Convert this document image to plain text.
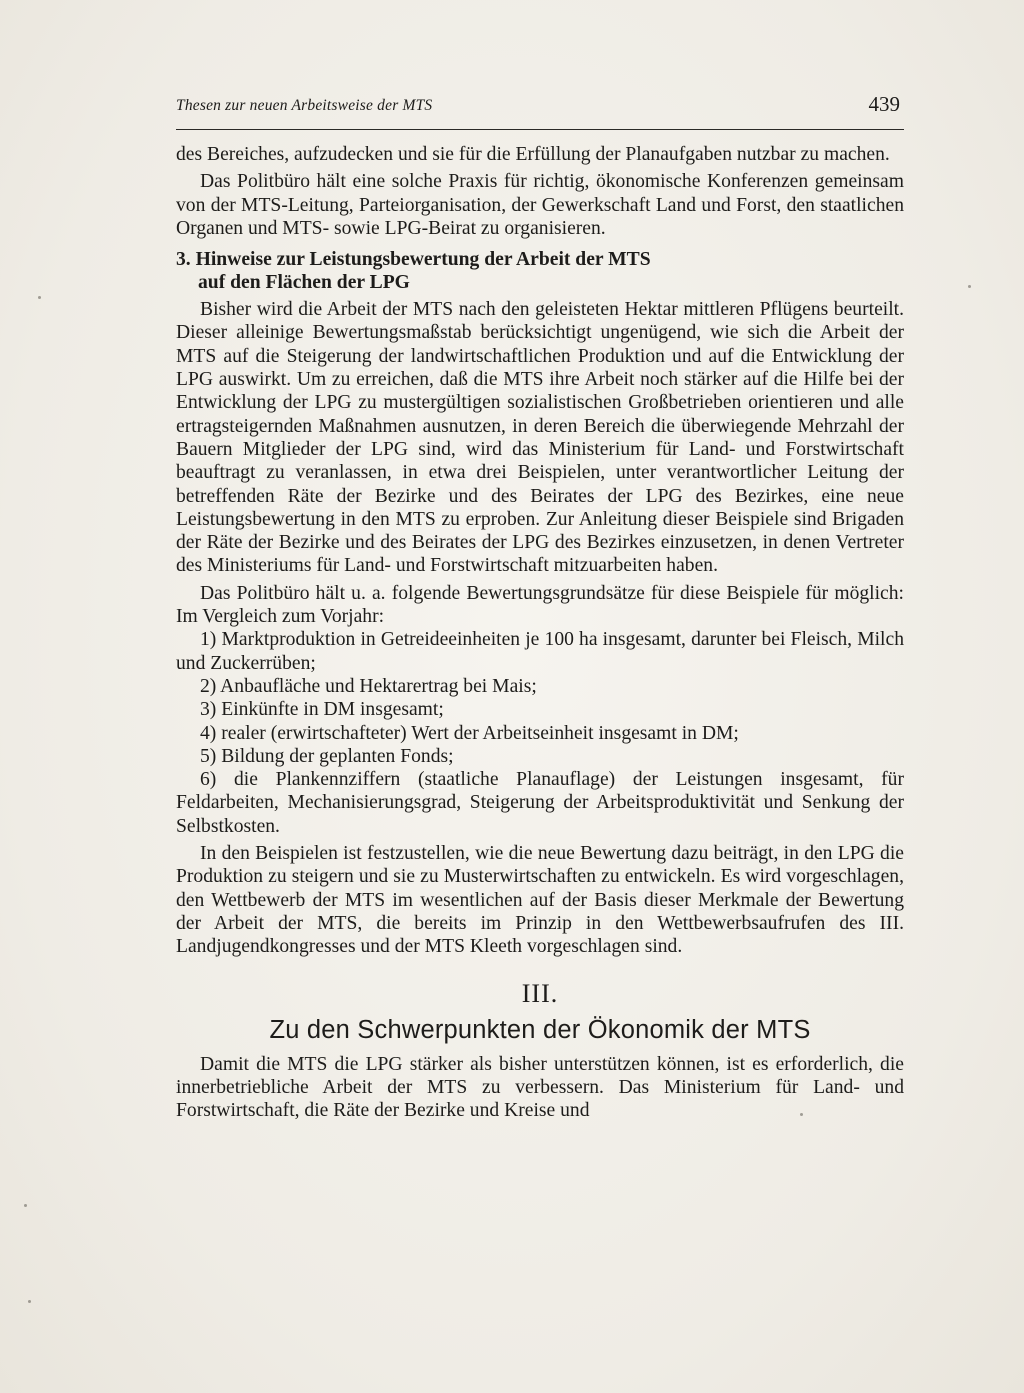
Thesen zur neuen Arbeitsweise der MTS	439

des Bereiches, aufzudecken und sie für die Erfüllung der Planaufgaben nutzbar zu machen.

Das Politbüro hält eine solche Praxis für richtig, ökonomische Konferenzen gemeinsam von der MTS-Leitung, Parteiorganisation, der Gewerkschaft Land und Forst, den staatlichen Organen und MTS- sowie LPG-Beirat zu organisieren.

3. Hinweise zur Leistungsbewertung der Arbeit der MTS
auf den Flächen der LPG

Bisher wird die Arbeit der MTS nach den geleisteten Hektar mittleren Pflügens beurteilt. Dieser alleinige Bewertungsmaßstab berücksichtigt ungenügend, wie sich die Arbeit der MTS auf die Steigerung der landwirtschaftlichen Produktion und auf die Entwicklung der LPG auswirkt. Um zu erreichen, daß die MTS ihre Arbeit noch stärker auf die Hilfe bei der Entwicklung der LPG zu mustergültigen sozialistischen Großbetrieben orientieren und alle ertragsteigernden Maßnahmen ausnutzen, in deren Bereich die überwiegende Mehrzahl der Bauern Mitglieder der LPG sind, wird das Ministerium für Land- und Forstwirtschaft beauftragt zu veranlassen, in etwa drei Beispielen, unter verantwortlicher Leitung der betreffenden Räte der Bezirke und des Beirates der LPG des Bezirkes, eine neue Leistungsbewertung in den MTS zu erproben. Zur Anleitung dieser Beispiele sind Brigaden der Räte der Bezirke und des Beirates der LPG des Bezirkes einzusetzen, in denen Vertreter des Ministeriums für Land- und Forstwirtschaft mitzuarbeiten haben.

Das Politbüro hält u. a. folgende Bewertungsgrundsätze für diese Beispiele für möglich: Im Vergleich zum Vorjahr:

1) Marktproduktion in Getreideeinheiten je 100 ha insgesamt, darunter bei Fleisch, Milch und Zuckerrüben;
2) Anbaufläche und Hektarertrag bei Mais;
3) Einkünfte in DM insgesamt;
4) realer (erwirtschafteter) Wert der Arbeitseinheit insgesamt in DM;
5) Bildung der geplanten Fonds;
6) die Plankennziffern (staatliche Planauflage) der Leistungen insgesamt, für Feldarbeiten, Mechanisierungsgrad, Steigerung der Arbeitsproduktivität und Senkung der Selbstkosten.

In den Beispielen ist festzustellen, wie die neue Bewertung dazu beiträgt, in den LPG die Produktion zu steigern und sie zu Musterwirtschaften zu entwickeln. Es wird vorgeschlagen, den Wettbewerb der MTS im wesentlichen auf der Basis dieser Merkmale der Bewertung der Arbeit der MTS, die bereits im Prinzip in den Wettbewerbsaufrufen des III. Landjugendkongresses und der MTS Kleeth vorgeschlagen sind.

III.
Zu den Schwerpunkten der Ökonomik der MTS

Damit die MTS die LPG stärker als bisher unterstützen können, ist es erforderlich, die innerbetriebliche Arbeit der MTS zu verbessern. Das Ministerium für Land- und Forstwirtschaft, die Räte der Bezirke und Kreise und
